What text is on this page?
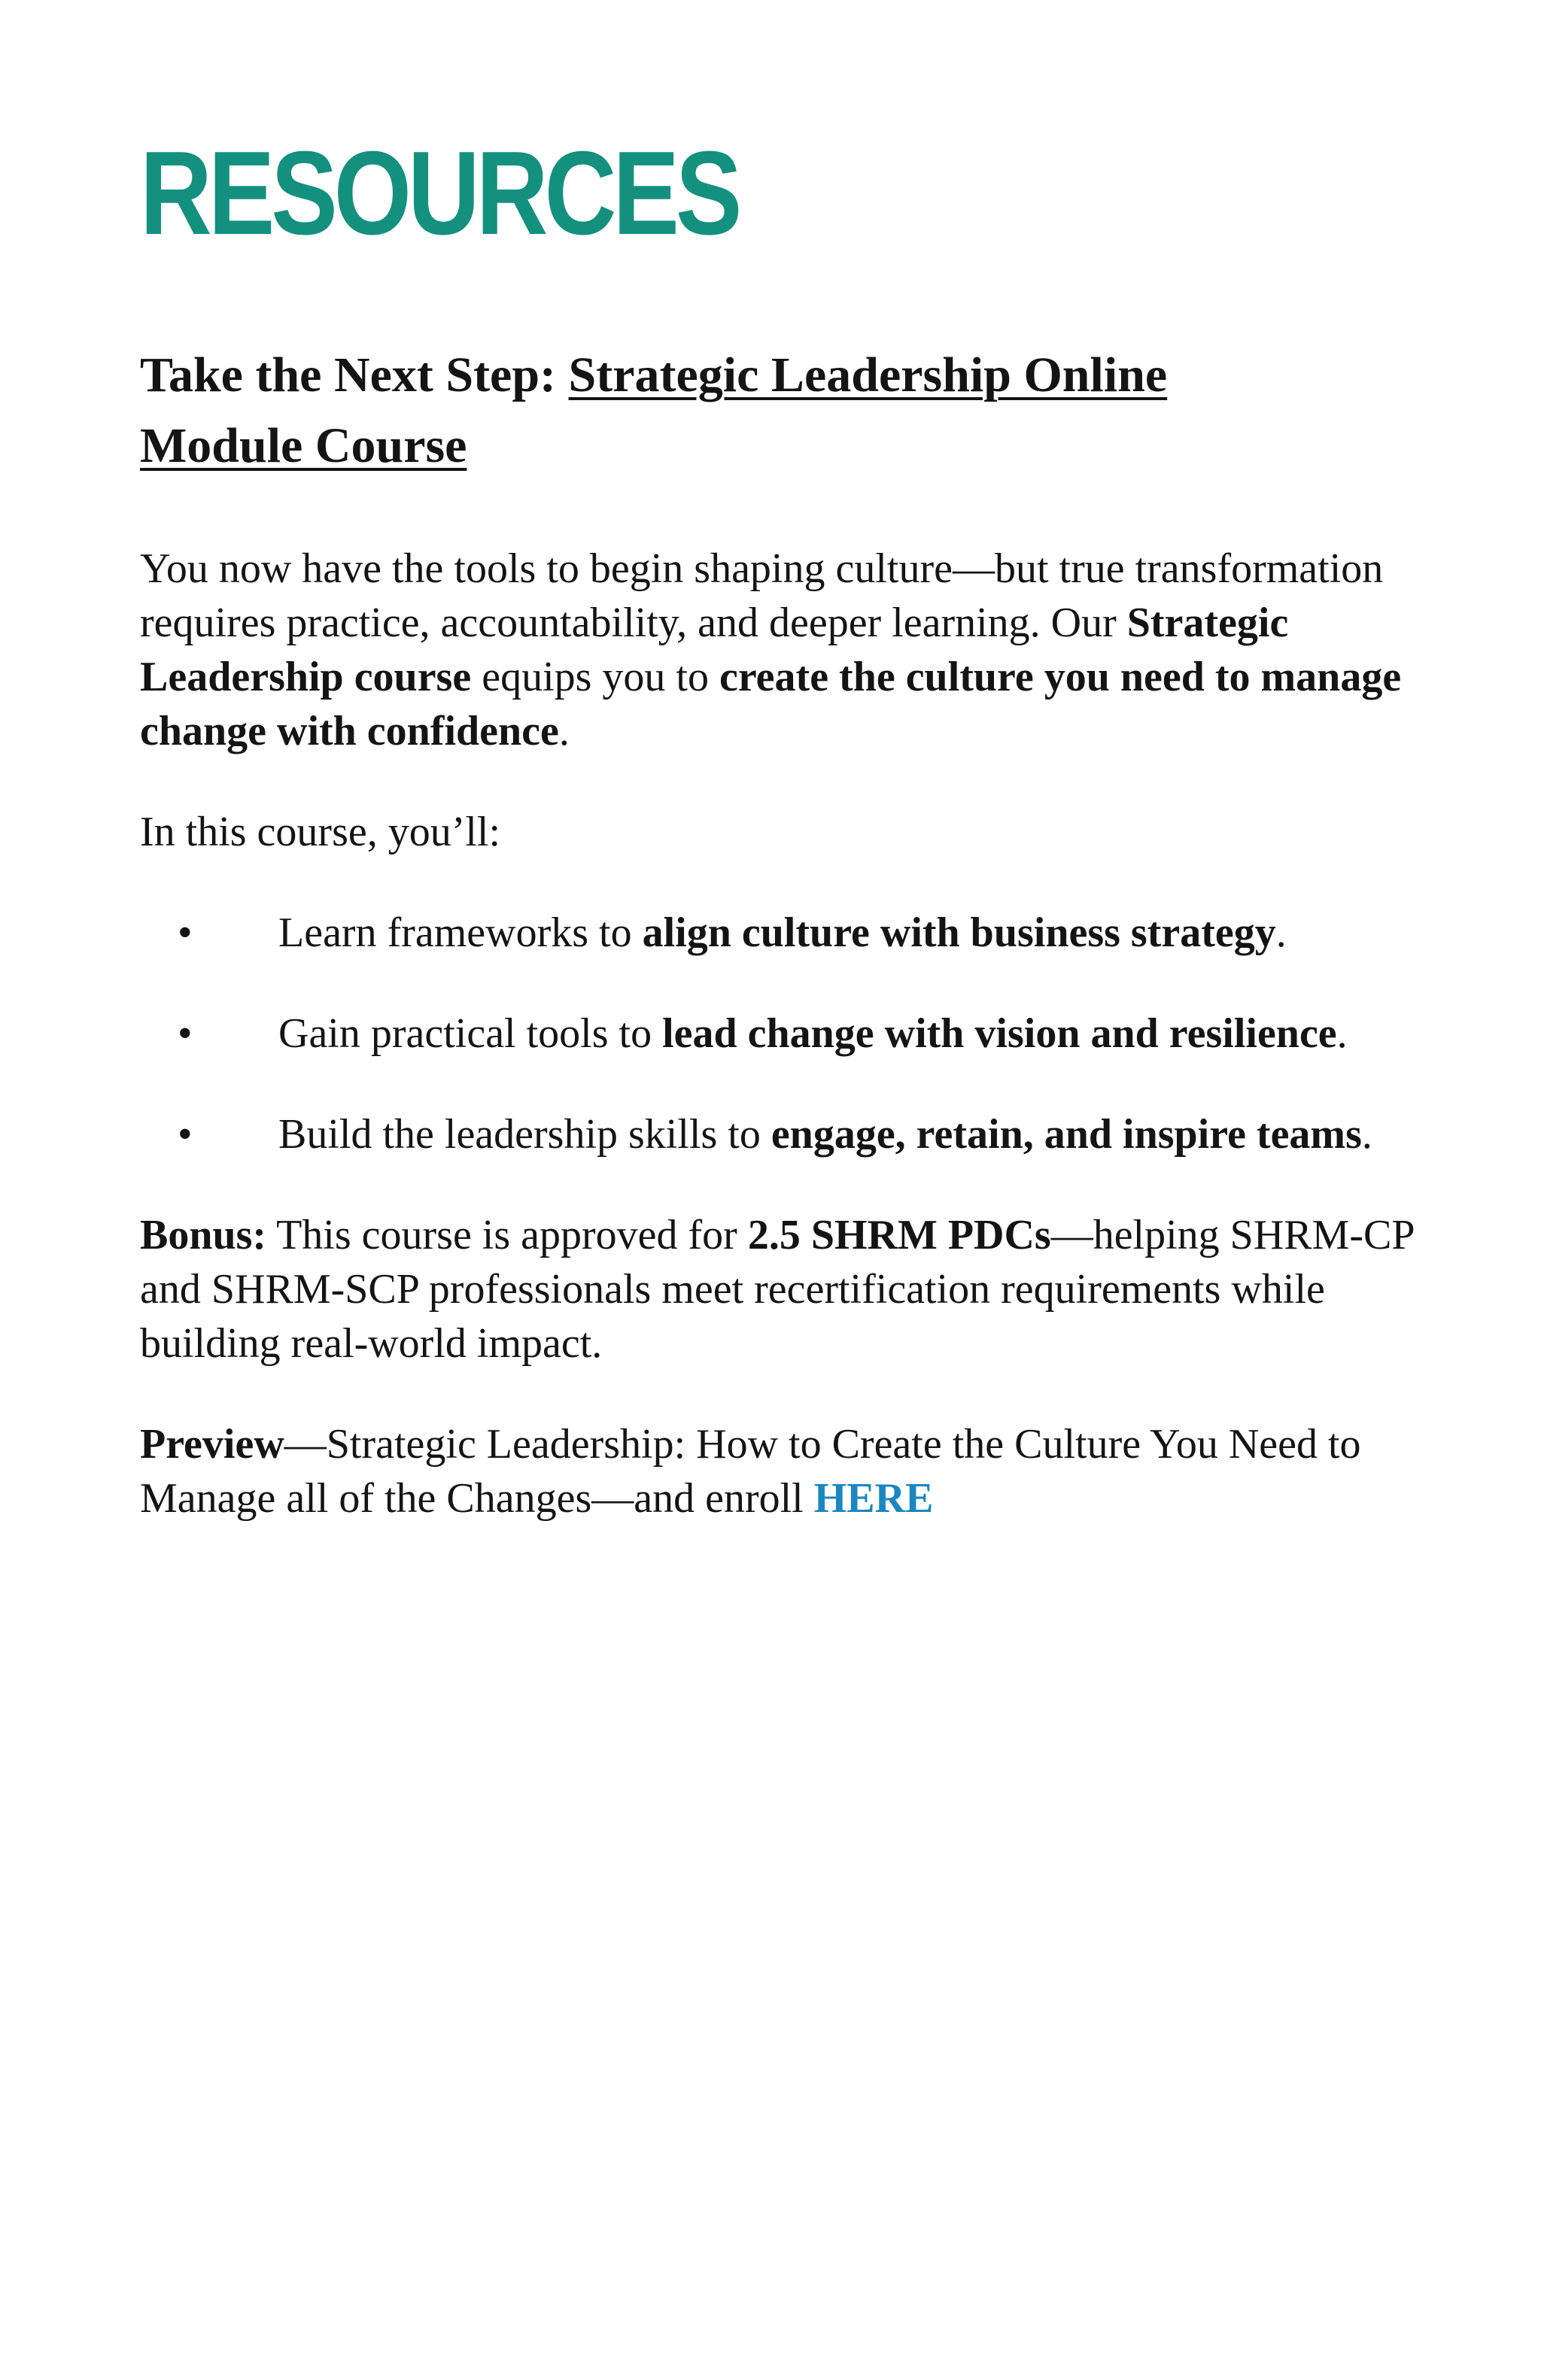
RESOURCES
Take the Next Step: Strategic Leadership Online Module Course

You now have the tools to begin shaping culture—but true transformation requires practice, accountability, and deeper learning. Our Strategic Leadership course equips you to create the culture you need to manage change with confidence.

In this course, you’ll:

• Learn frameworks to align culture with business strategy.
• Gain practical tools to lead change with vision and resilience.
• Build the leadership skills to engage, retain, and inspire teams.

Bonus: This course is approved for 2.5 SHRM PDCs—helping SHRM-CP and SHRM-SCP professionals meet recertification requirements while building real-world impact.

Preview—Strategic Leadership: How to Create the Culture You Need to Manage all of the Changes—and enroll HERE
